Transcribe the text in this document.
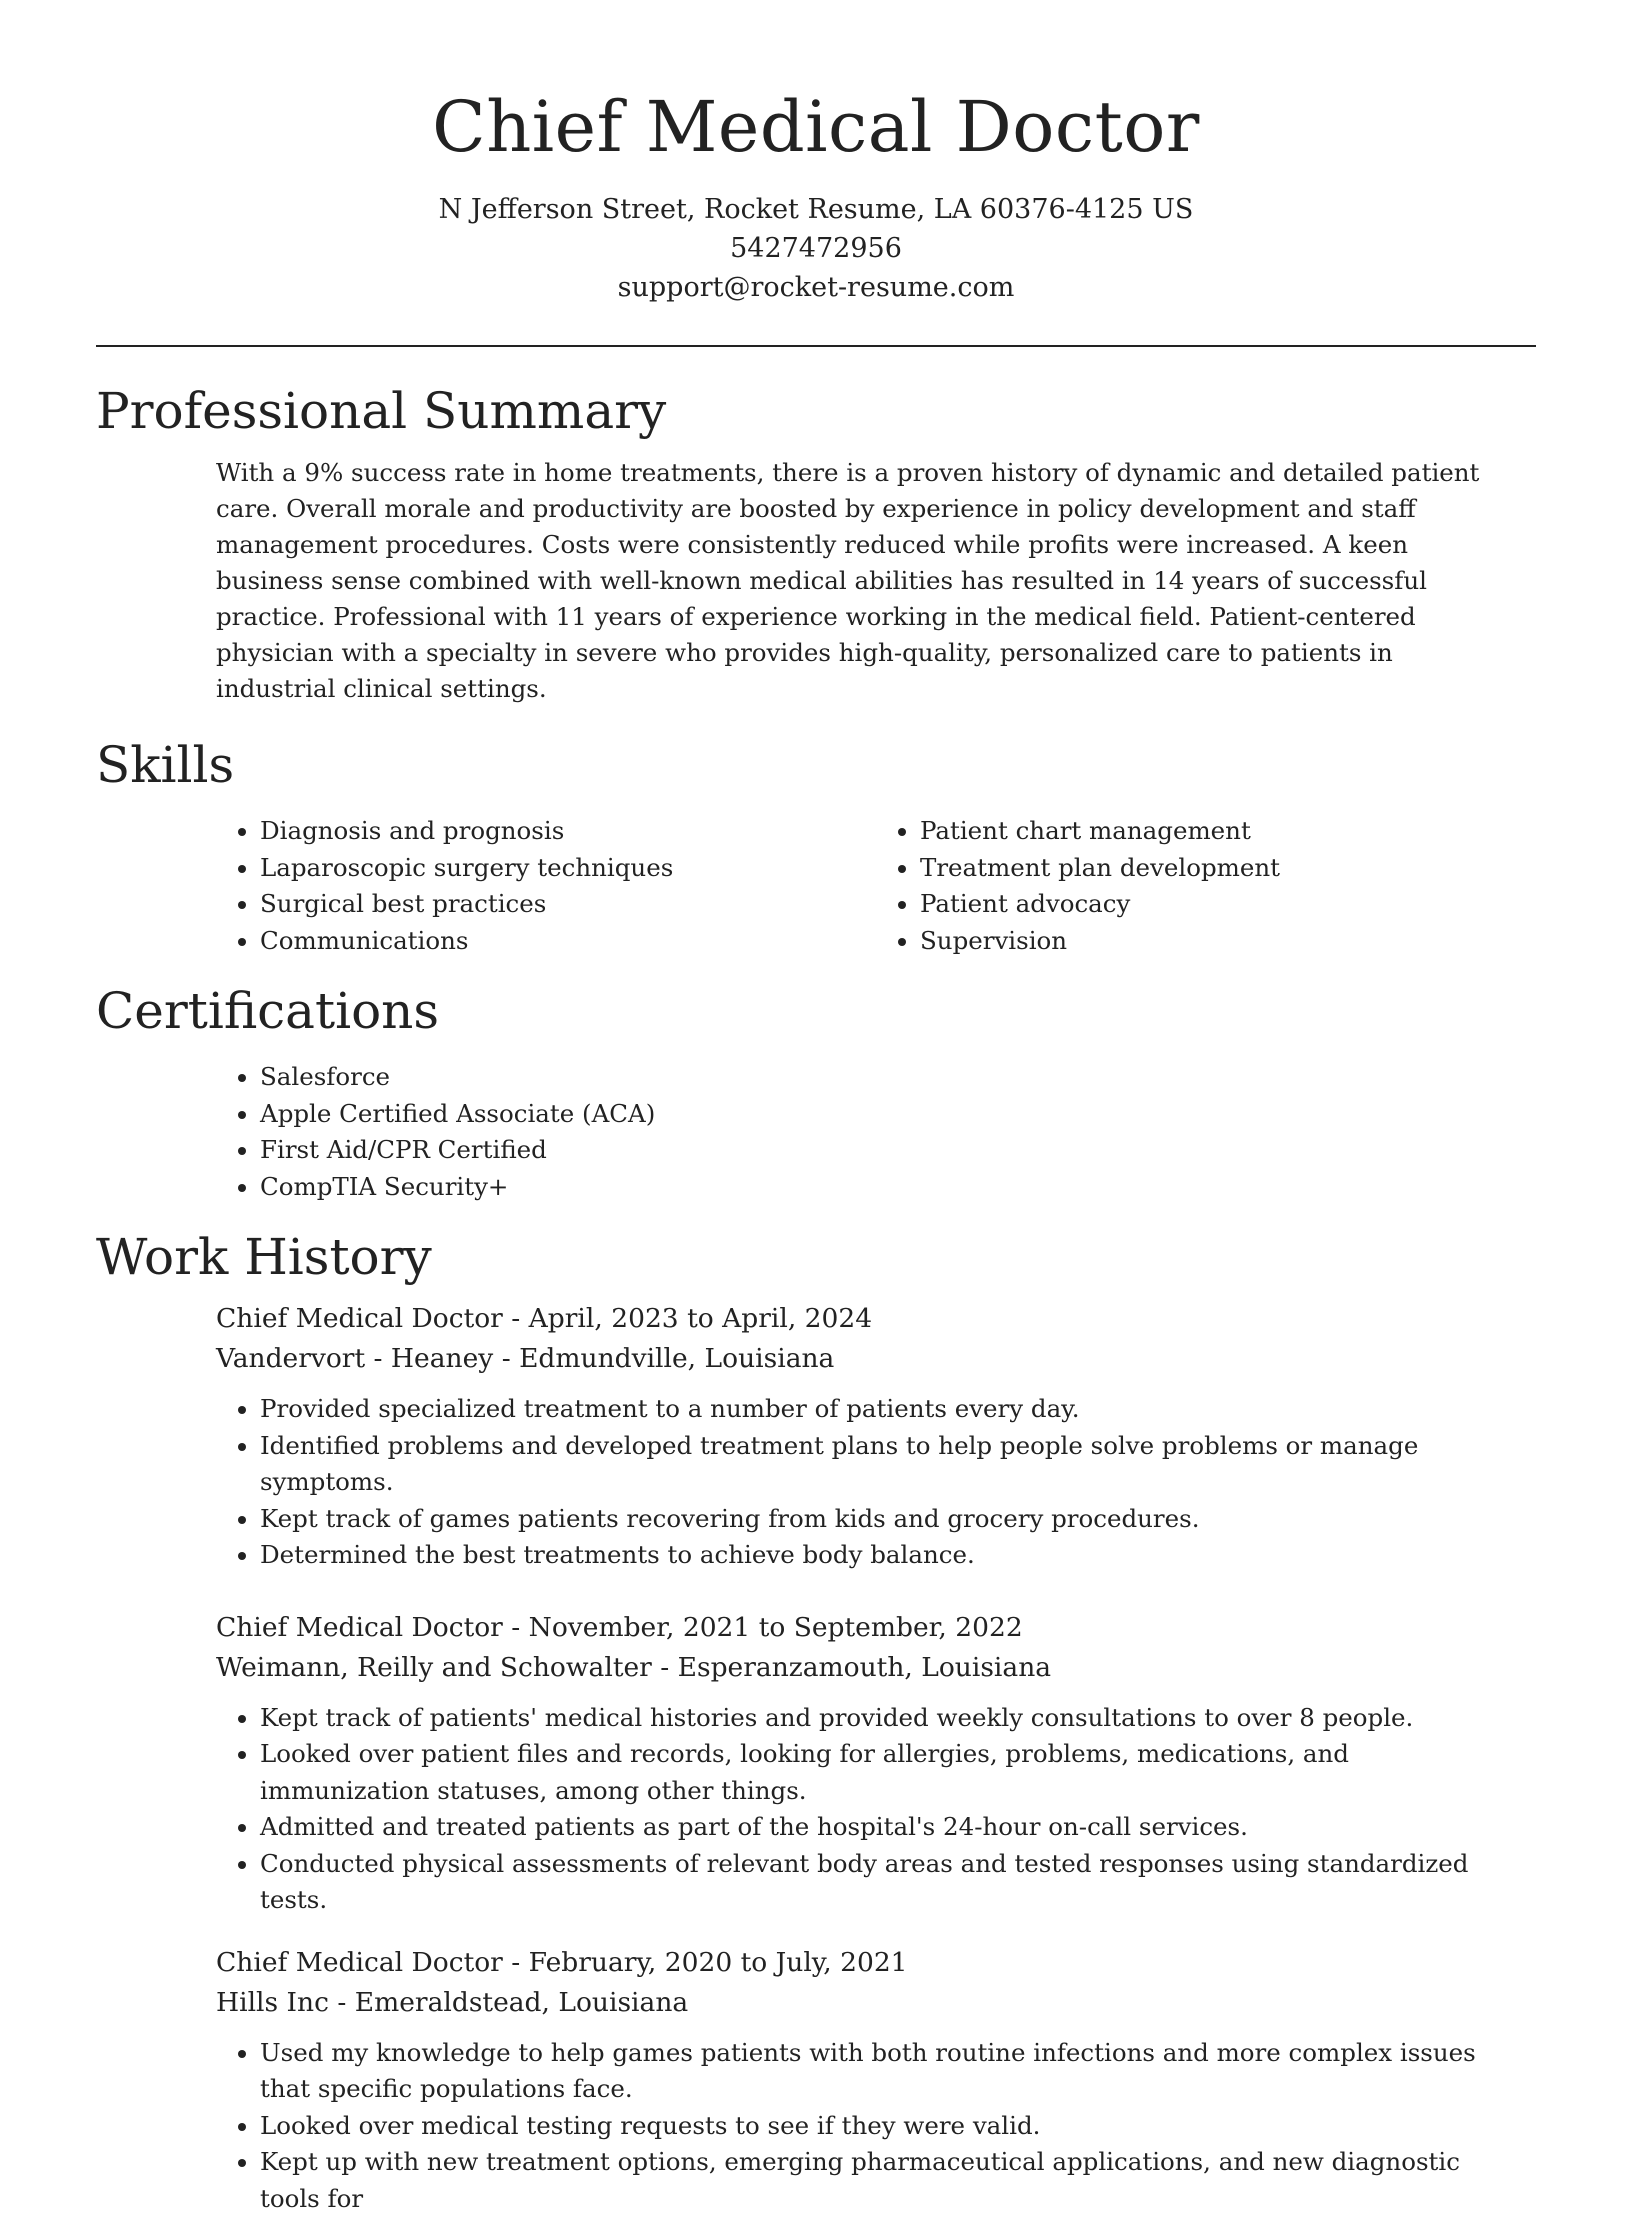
Chief Medical Doctor
N Jefferson Street, Rocket Resume, LA 60376-4125 US
5427472956
support@rocket-resume.com
Professional Summary
With a 9% success rate in home treatments, there is a proven history of dynamic and detailed patient care. Overall morale and productivity are boosted by experience in policy development and staff management procedures. Costs were consistently reduced while profits were increased. A keen business sense combined with well-known medical abilities has resulted in 14 years of successful practice. Professional with 11 years of experience working in the medical field. Patient-centered physician with a specialty in severe who provides high-quality, personalized care to patients in industrial clinical settings.
Skills
• Diagnosis and prognosis
• Laparoscopic surgery techniques
• Surgical best practices
• Communications
• Patient chart management
• Treatment plan development
• Patient advocacy
• Supervision
Certifications
• Salesforce
• Apple Certified Associate (ACA)
• First Aid/CPR Certified
• CompTIA Security+
Work History
Chief Medical Doctor - April, 2023 to April, 2024
Vandervort - Heaney - Edmundville, Louisiana
• Provided specialized treatment to a number of patients every day.
• Identified problems and developed treatment plans to help people solve problems or manage symptoms.
• Kept track of games patients recovering from kids and grocery procedures.
• Determined the best treatments to achieve body balance.
Chief Medical Doctor - November, 2021 to September, 2022
Weimann, Reilly and Schowalter - Esperanzamouth, Louisiana
• Kept track of patients' medical histories and provided weekly consultations to over 8 people.
• Looked over patient files and records, looking for allergies, problems, medications, and immunization statuses, among other things.
• Admitted and treated patients as part of the hospital's 24-hour on-call services.
• Conducted physical assessments of relevant body areas and tested responses using standardized tests.
Chief Medical Doctor - February, 2020 to July, 2021
Hills Inc - Emeraldstead, Louisiana
• Used my knowledge to help games patients with both routine infections and more complex issues that specific populations face.
• Looked over medical testing requests to see if they were valid.
• Kept up with new treatment options, emerging pharmaceutical applications, and new diagnostic tools for
